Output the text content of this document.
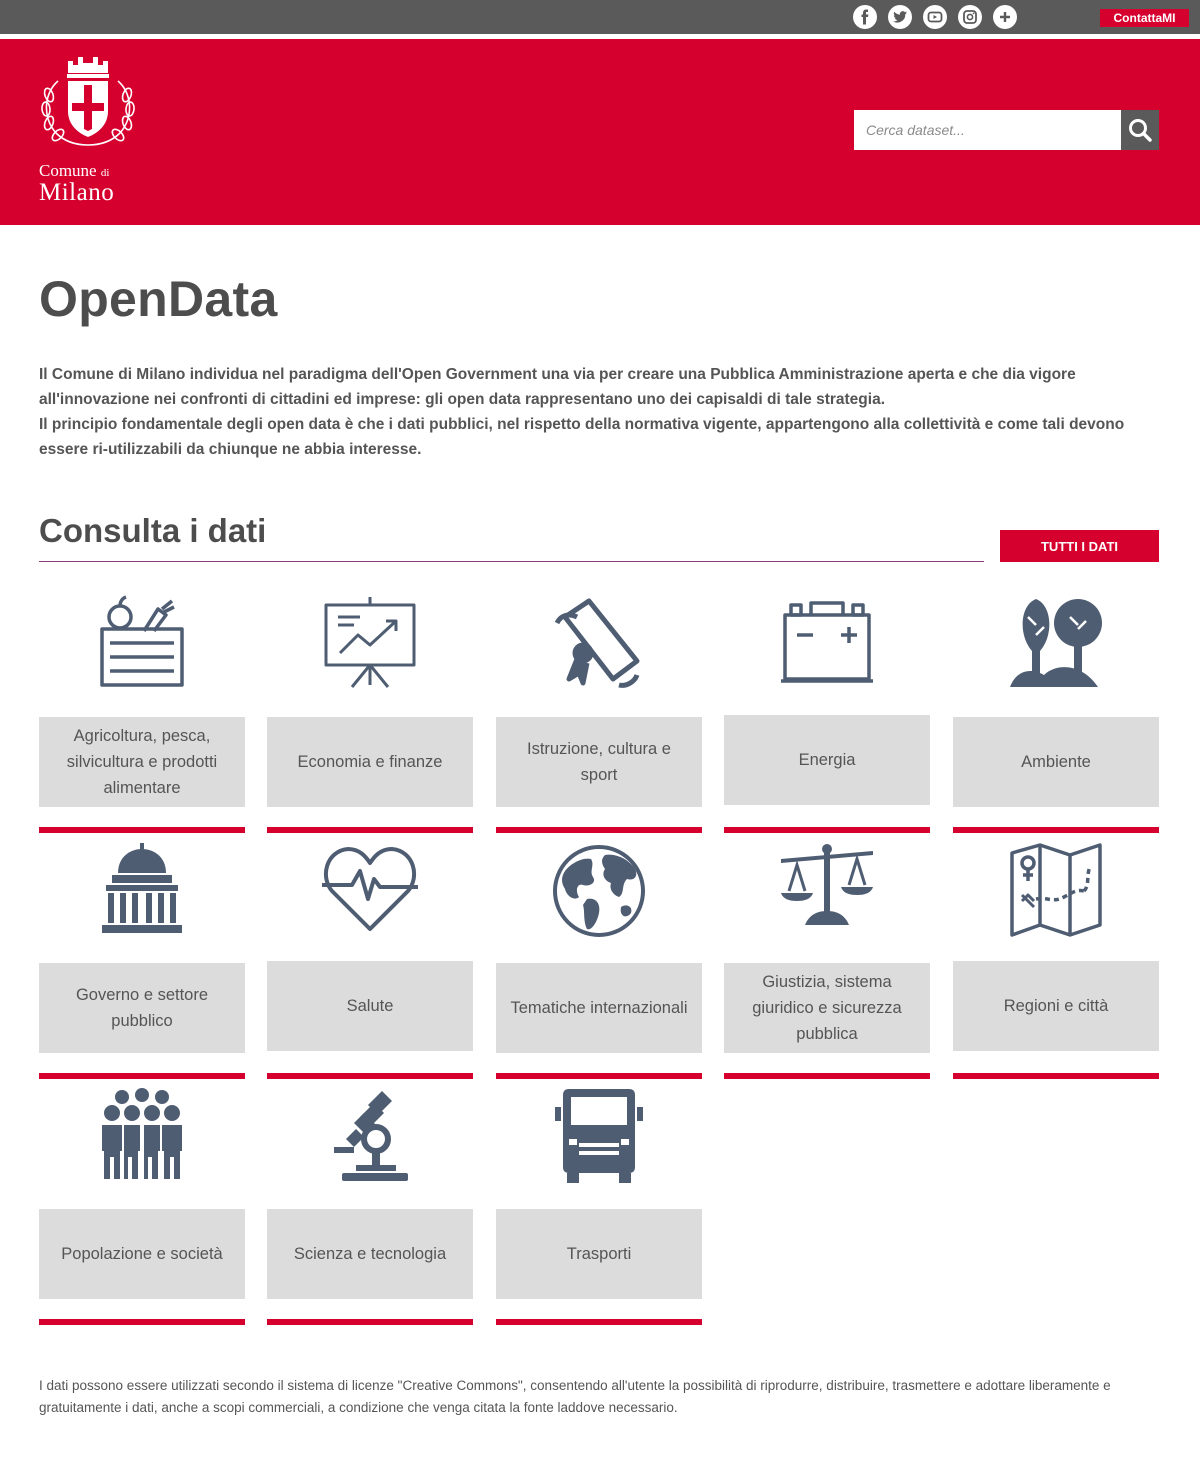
ContattaMI
Comune di
Milano
Cerca dataset...
OpenData

Il Comune di Milano individua nel paradigma dell'Open Government una via per creare una Pubblica Amministrazione aperta e che dia vigore all'innovazione nei confronti di cittadini ed imprese: gli open data rappresentano uno dei capisaldi di tale strategia.

Il principio fondamentale degli open data è che i dati pubblici, nel rispetto della normativa vigente, appartengono alla collettività e come tali devono essere ri-utilizzabili da chiunque ne abbia interesse.

Consulta i dati	TUTTI I DATI
Agricoltura, pesca, silvicultura e prodotti alimentare
Economia e finanze
Istruzione, cultura e sport
Energia	Ambiente
Governo e settore pubblico
Salute	Tematiche internazionali
Giustizia, sistema giuridico e sicurezza pubblica
Regioni e città
Popolazione e società	Scienza e tecnologia	Trasporti

I dati possono essere utilizzati secondo il sistema di licenze "Creative Commons", consentendo all'utente la possibilità di riprodurre, distribuire, trasmettere e adottare liberamente e gratuitamente i dati, anche a scopi commerciali, a condizione che venga citata la fonte laddove necessario.
